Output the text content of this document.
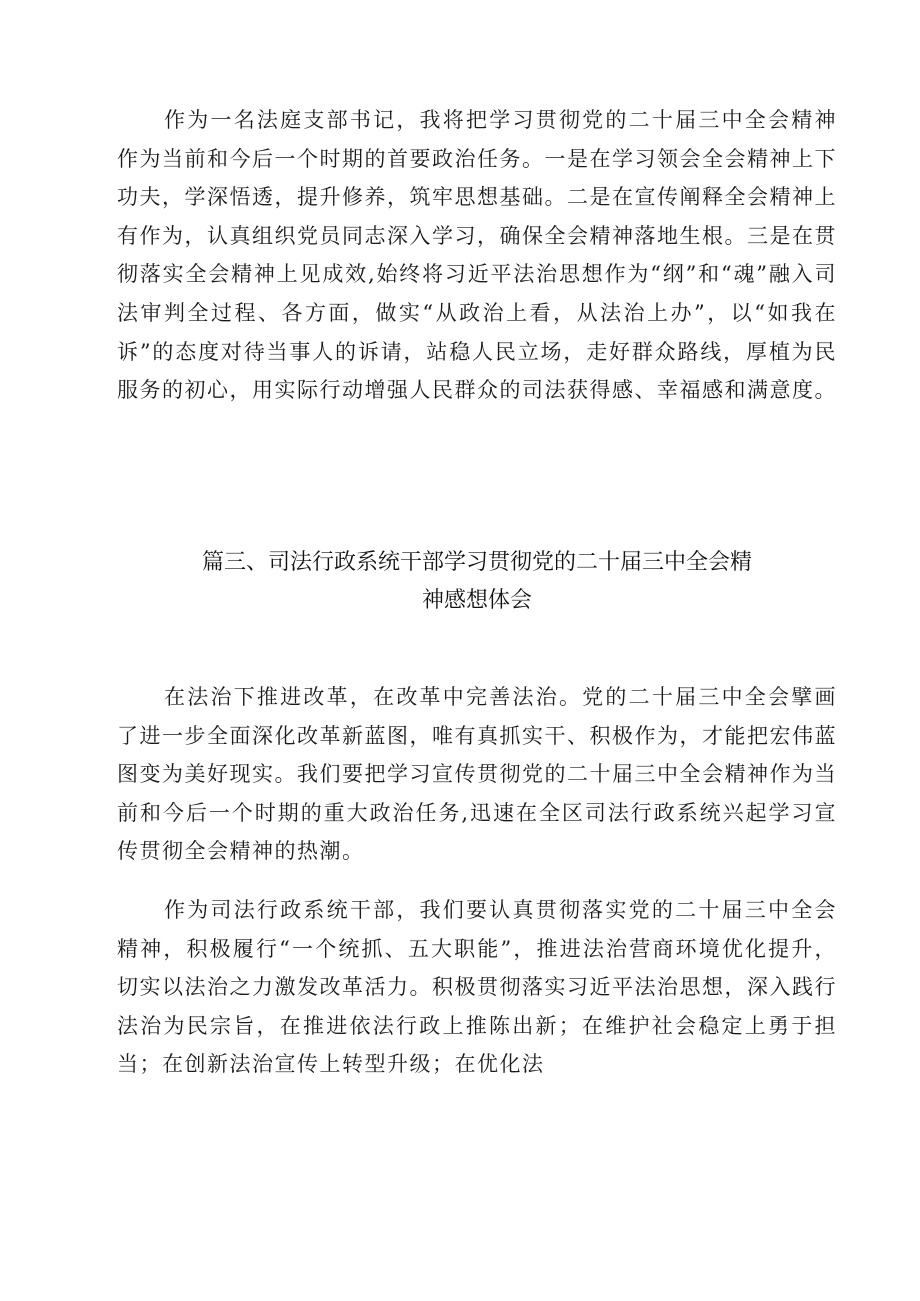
作为一名法庭支部书记，我将把学习贯彻党的二十届三中全会精神作为当前和今后一个时期的首要政治任务。一是在学习领会全会精神上下功夫，学深悟透，提升修养，筑牢思想基础。二是在宣传阐释全会精神上有作为，认真组织党员同志深入学习，确保全会精神落地生根。三是在贯彻落实全会精神上见成效,始终将习近平法治思想作为“纲”和“魂”融入司法审判全过程、各方面，做实“从政治上看，从法治上办”，以“如我在诉”的态度对待当事人的诉请，站稳人民立场，走好群众路线，厚植为民服务的初心，用实际行动增强人民群众的司法获得感、幸福感和满意度。

篇三、司法行政系统干部学习贯彻党的二十届三中全会精
神感想体会

在法治下推进改革，在改革中完善法治。党的二十届三中全会擘画了进一步全面深化改革新蓝图，唯有真抓实干、积极作为，才能把宏伟蓝图变为美好现实。我们要把学习宣传贯彻党的二十届三中全会精神作为当前和今后一个时期的重大政治任务,迅速在全区司法行政系统兴起学习宣传贯彻全会精神的热潮。

作为司法行政系统干部，我们要认真贯彻落实党的二十届三中全会精神，积极履行“一个统抓、五大职能”，推进法治营商环境优化提升，切实以法治之力激发改革活力。积极贯彻落实习近平法治思想，深入践行法治为民宗旨，在推进依法行政上推陈出新；在维护社会稳定上勇于担当；在创新法治宣传上转型升级；在优化法
